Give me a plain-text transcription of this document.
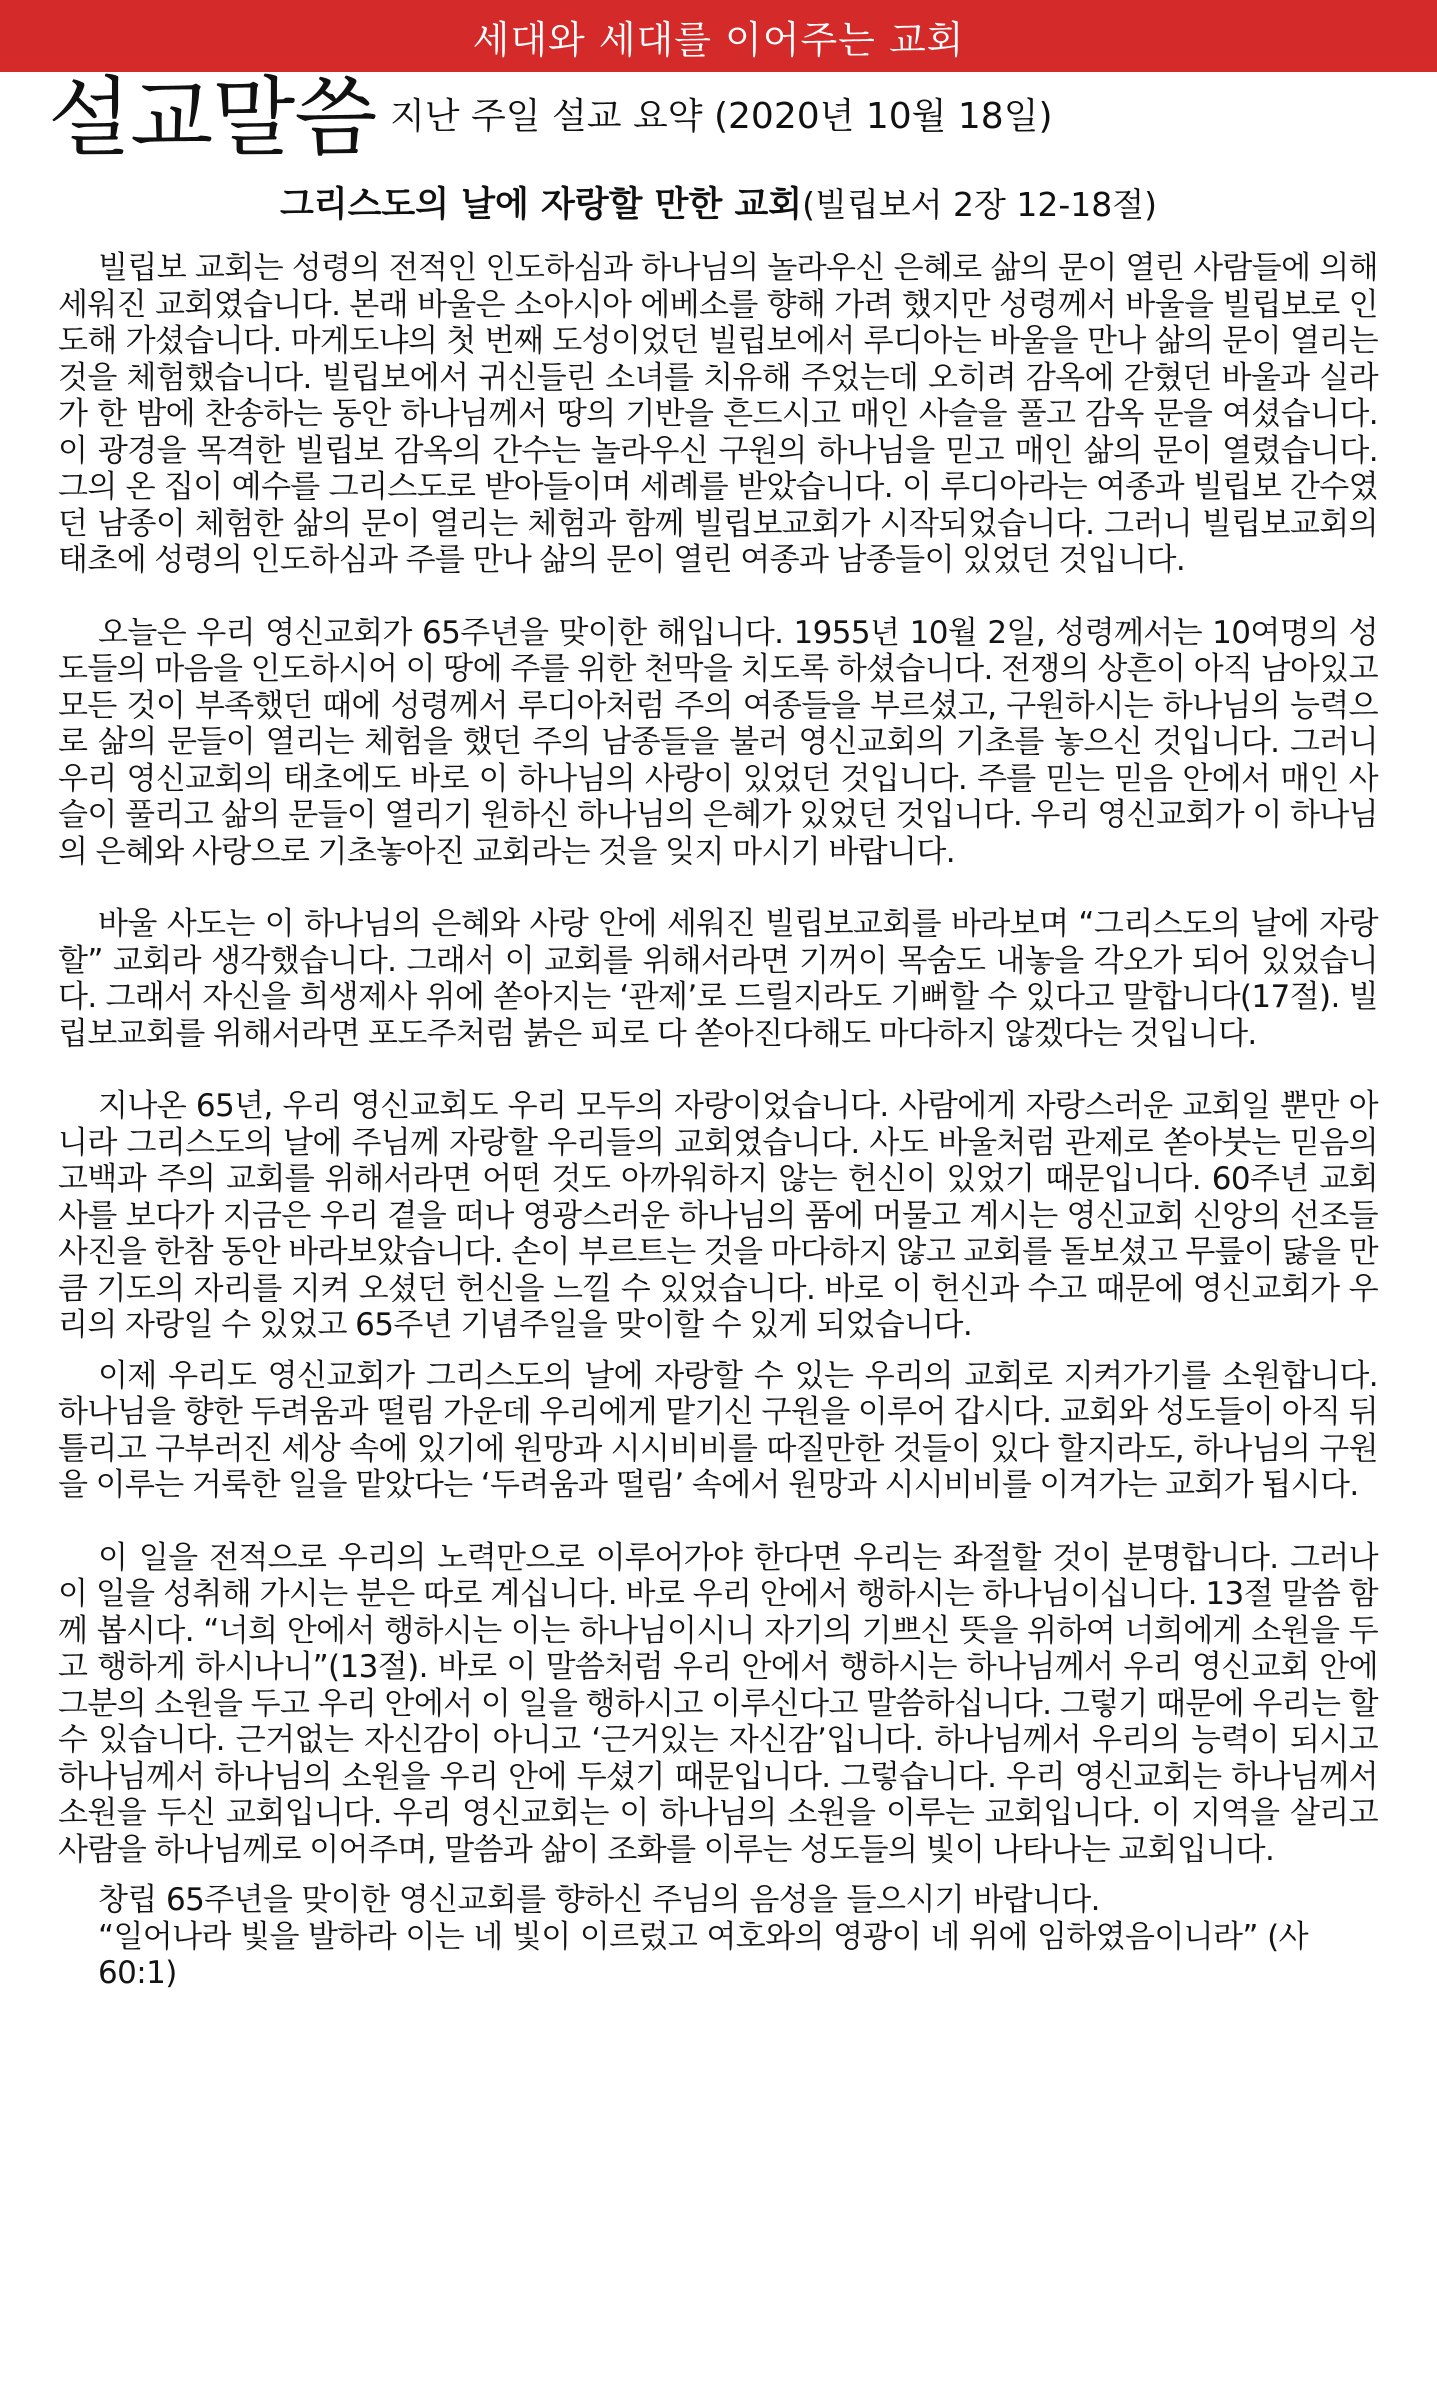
세대와 세대를 이어주는 교회
설교말씀 지난 주일 설교 요약 (2020년 10월 18일)
그리스도의 날에 자랑할 만한 교회(빌립보서 2장 12-18절)

빌립보 교회는 성령의 전적인 인도하심과 하나님의 놀라우신 은혜로 삶의 문이 열린 사람들에 의해 세워진 교회였습니다. 본래 바울은 소아시아 에베소를 향해 가려 했지만 성령께서 바울을 빌립보로 인도해 가셨습니다. 마게도냐의 첫 번째 도성이었던 빌립보에서 루디아는 바울을 만나 삶의 문이 열리는 것을 체험했습니다. 빌립보에서 귀신들린 소녀를 치유해 주었는데 오히려 감옥에 갇혔던 바울과 실라가 한 밤에 찬송하는 동안 하나님께서 땅의 기반을 흔드시고 매인 사슬을 풀고 감옥 문을 여셨습니다. 이 광경을 목격한 빌립보 감옥의 간수는 놀라우신 구원의 하나님을 믿고 매인 삶의 문이 열렸습니다. 그의 온 집이 예수를 그리스도로 받아들이며 세례를 받았습니다. 이 루디아라는 여종과 빌립보 간수였던 남종이 체험한 삶의 문이 열리는 체험과 함께 빌립보교회가 시작되었습니다. 그러니 빌립보교회의 태초에 성령의 인도하심과 주를 만나 삶의 문이 열린 여종과 남종들이 있었던 것입니다.

오늘은 우리 영신교회가 65주년을 맞이한 해입니다. 1955년 10월 2일, 성령께서는 10여명의 성도들의 마음을 인도하시어 이 땅에 주를 위한 천막을 치도록 하셨습니다. 전쟁의 상흔이 아직 남아있고 모든 것이 부족했던 때에 성령께서 루디아처럼 주의 여종들을 부르셨고, 구원하시는 하나님의 능력으로 삶의 문들이 열리는 체험을 했던 주의 남종들을 불러 영신교회의 기초를 놓으신 것입니다. 그러니 우리 영신교회의 태초에도 바로 이 하나님의 사랑이 있었던 것입니다. 주를 믿는 믿음 안에서 매인 사슬이 풀리고 삶의 문들이 열리기 원하신 하나님의 은혜가 있었던 것입니다. 우리 영신교회가 이 하나님의 은혜와 사랑으로 기초놓아진 교회라는 것을 잊지 마시기 바랍니다.

바울 사도는 이 하나님의 은혜와 사랑 안에 세워진 빌립보교회를 바라보며 “그리스도의 날에 자랑할” 교회라 생각했습니다. 그래서 이 교회를 위해서라면 기꺼이 목숨도 내놓을 각오가 되어 있었습니다. 그래서 자신을 희생제사 위에 쏟아지는 ‘관제’로 드릴지라도 기뻐할 수 있다고 말합니다(17절). 빌립보교회를 위해서라면 포도주처럼 붉은 피로 다 쏟아진다해도 마다하지 않겠다는 것입니다.

지나온 65년, 우리 영신교회도 우리 모두의 자랑이었습니다. 사람에게 자랑스러운 교회일 뿐만 아니라 그리스도의 날에 주님께 자랑할 우리들의 교회였습니다. 사도 바울처럼 관제로 쏟아붓는 믿음의 고백과 주의 교회를 위해서라면 어떤 것도 아까워하지 않는 헌신이 있었기 때문입니다. 60주년 교회사를 보다가 지금은 우리 곁을 떠나 영광스러운 하나님의 품에 머물고 계시는 영신교회 신앙의 선조들 사진을 한참 동안 바라보았습니다. 손이 부르트는 것을 마다하지 않고 교회를 돌보셨고 무릎이 닳을 만큼 기도의 자리를 지켜 오셨던 헌신을 느낄 수 있었습니다. 바로 이 헌신과 수고 때문에 영신교회가 우리의 자랑일 수 있었고 65주년 기념주일을 맞이할 수 있게 되었습니다.

이제 우리도 영신교회가 그리스도의 날에 자랑할 수 있는 우리의 교회로 지켜가기를 소원합니다. 하나님을 향한 두려움과 떨림 가운데 우리에게 맡기신 구원을 이루어 갑시다. 교회와 성도들이 아직 뒤틀리고 구부러진 세상 속에 있기에 원망과 시시비비를 따질만한 것들이 있다 할지라도, 하나님의 구원을 이루는 거룩한 일을 맡았다는 ‘두려움과 떨림’ 속에서 원망과 시시비비를 이겨가는 교회가 됩시다.

이 일을 전적으로 우리의 노력만으로 이루어가야 한다면 우리는 좌절할 것이 분명합니다. 그러나 이 일을 성취해 가시는 분은 따로 계십니다. 바로 우리 안에서 행하시는 하나님이십니다. 13절 말씀 함께 봅시다. “너희 안에서 행하시는 이는 하나님이시니 자기의 기쁘신 뜻을 위하여 너희에게 소원을 두고 행하게 하시나니”(13절). 바로 이 말씀처럼 우리 안에서 행하시는 하나님께서 우리 영신교회 안에 그분의 소원을 두고 우리 안에서 이 일을 행하시고 이루신다고 말씀하십니다. 그렇기 때문에 우리는 할 수 있습니다. 근거없는 자신감이 아니고 ‘근거있는 자신감’입니다. 하나님께서 우리의 능력이 되시고 하나님께서 하나님의 소원을 우리 안에 두셨기 때문입니다. 그렇습니다. 우리 영신교회는 하나님께서 소원을 두신 교회입니다. 우리 영신교회는 이 하나님의 소원을 이루는 교회입니다. 이 지역을 살리고 사람을 하나님께로 이어주며, 말씀과 삶이 조화를 이루는 성도들의 빛이 나타나는 교회입니다.

창립 65주년을 맞이한 영신교회를 향하신 주님의 음성을 들으시기 바랍니다.
“일어나라 빛을 발하라 이는 네 빛이 이르렀고 여호와의 영광이 네 위에 임하였음이니라” (사 60:1)
